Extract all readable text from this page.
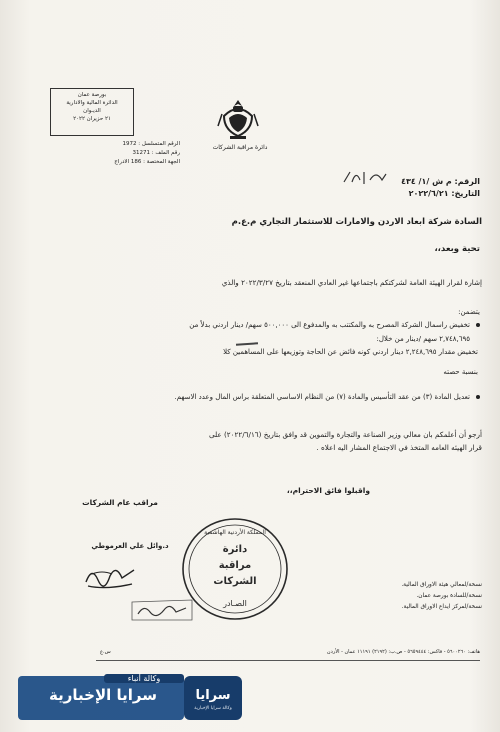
بورصة عمان
الدائرة المالية والادارية
الديـوان
٢١ حزيران ٢٠٢٢
الرقم المتسلسل : 1972
رقم الملف : 31271
الجهة المختصة : 186 الادراج
دائرة مراقبة الشركات
الرقم: م ش /١/ ٤٣٤
التاريخ: ٢٠٢٢/٦/٢١
السادة شركة ابعاد الاردن والامارات للاستثمار التجاري م.ع.م
تحية وبعد،،
إشارة لقرار الهيئة العامة لشركتكم باجتماعها غير العادي المنعقد بتاريخ ٢٠٢٢/٣/٢٧ والذي
يتضمن:
تخفيض راسمال الشركة المصرح به والمكتتب به والمدفوع الى ٥٠٠,٠٠٠ سهم/ دينار اردني بدلاً من
٢,٧٤٨,٦٩٥ سهم /دينار من خلال:
تخفيض مقدار ٢,٢٤٨,٦٩٥ دينار اردني كونه فائض عن الحاجة وتوزيعها على المساهمين كلا
بنسبة حصته
تعديل المادة (٣) من عقد التأسيس والمادة (٧) من النظام الاساسي المتعلقة براس المال وعدد الاسهم.
أرجو أن أعلمكم بان معالي وزير الصناعة والتجارة والتموين قد وافق بتاريخ (٢٠٢٢/٦/١٦) على
قرار الهيئه العامه المتخذ في الاجتماع المشار اليه اعلاه .
واقبلوا فائق الاحترام،،
مراقب عام الشركات
د.وائل علي العرموطي
المملكة الأردنية الهاشمية
دائرة
مراقبة
الشركات
الصـادر
نسخة/لمعالي هيئة الاوراق المالية.
نسخة/للسادة بورصة عمان.
نسخة/لمركز ايداع الاوراق المالية.
هاتف: ٥٦٠٠٢٦٠ - فاكس: ٥٦٥٩٤٤٤ - ص.ب: (٢١٩٢) ١١١٩١ عمان - الأردن
س.ع
وكالة أنباء
سرايا الإخبارية	سرايا
وكالة سرايا الإخبارية
